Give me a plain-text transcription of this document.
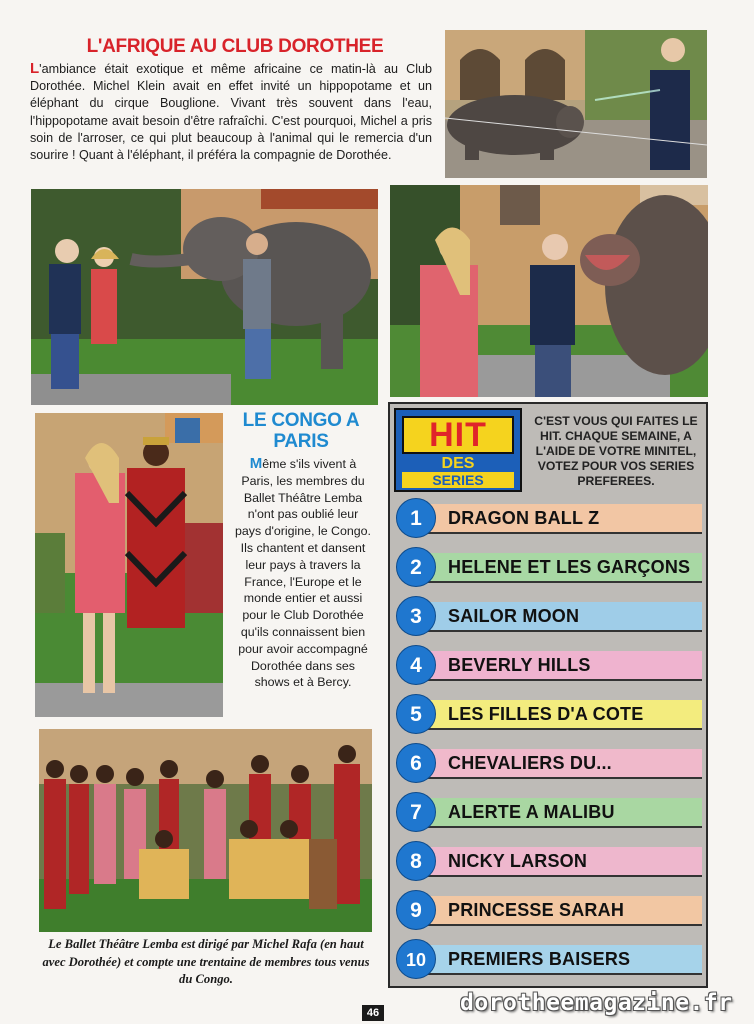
L'AFRIQUE AU CLUB DOROTHEE
L'ambiance était exotique et même africaine ce matin-là au Club Dorothée. Michel Klein avait en effet invité un hippopotame et un éléphant du cirque Bouglione. Vivant très souvent dans l'eau, l'hippopotame avait besoin d'être rafraîchi. C'est pourquoi, Michel a pris soin de l'arroser, ce qui plut beaucoup à l'animal qui le remercia d'un sourire ! Quant à l'éléphant, il préféra la compagnie de Dorothée.
LE CONGO A PARIS
Même s'ils vivent à Paris, les membres du Ballet Théâtre Lemba n'ont pas oublié leur pays d'origine, le Congo. Ils chantent et dansent leur pays à travers la France, l'Europe et le monde entier et aussi pour le Club Dorothée qu'ils connaissent bien pour avoir accompagné Dorothée dans ses shows et à Bercy.
Le Ballet Théâtre Lemba est dirigé par Michel Rafa (en haut avec Dorothée) et compte une trentaine de membres tous venus du Congo.
HIT
DES
SERIES
C'EST VOUS QUI FAITES LE HIT. CHAQUE SEMAINE, A L'AIDE DE VOTRE MINITEL, VOTEZ POUR VOS SERIES PREFEREES.
1	DRAGON BALL Z
2	HELENE ET LES GARÇONS
3	SAILOR MOON
4	BEVERLY HILLS
5	LES FILLES D'A COTE
6	CHEVALIERS DU...
7	ALERTE A MALIBU
8	NICKY LARSON
9	PRINCESSE SARAH
10	PREMIERS BAISERS
46	dorotheemagazine.fr
